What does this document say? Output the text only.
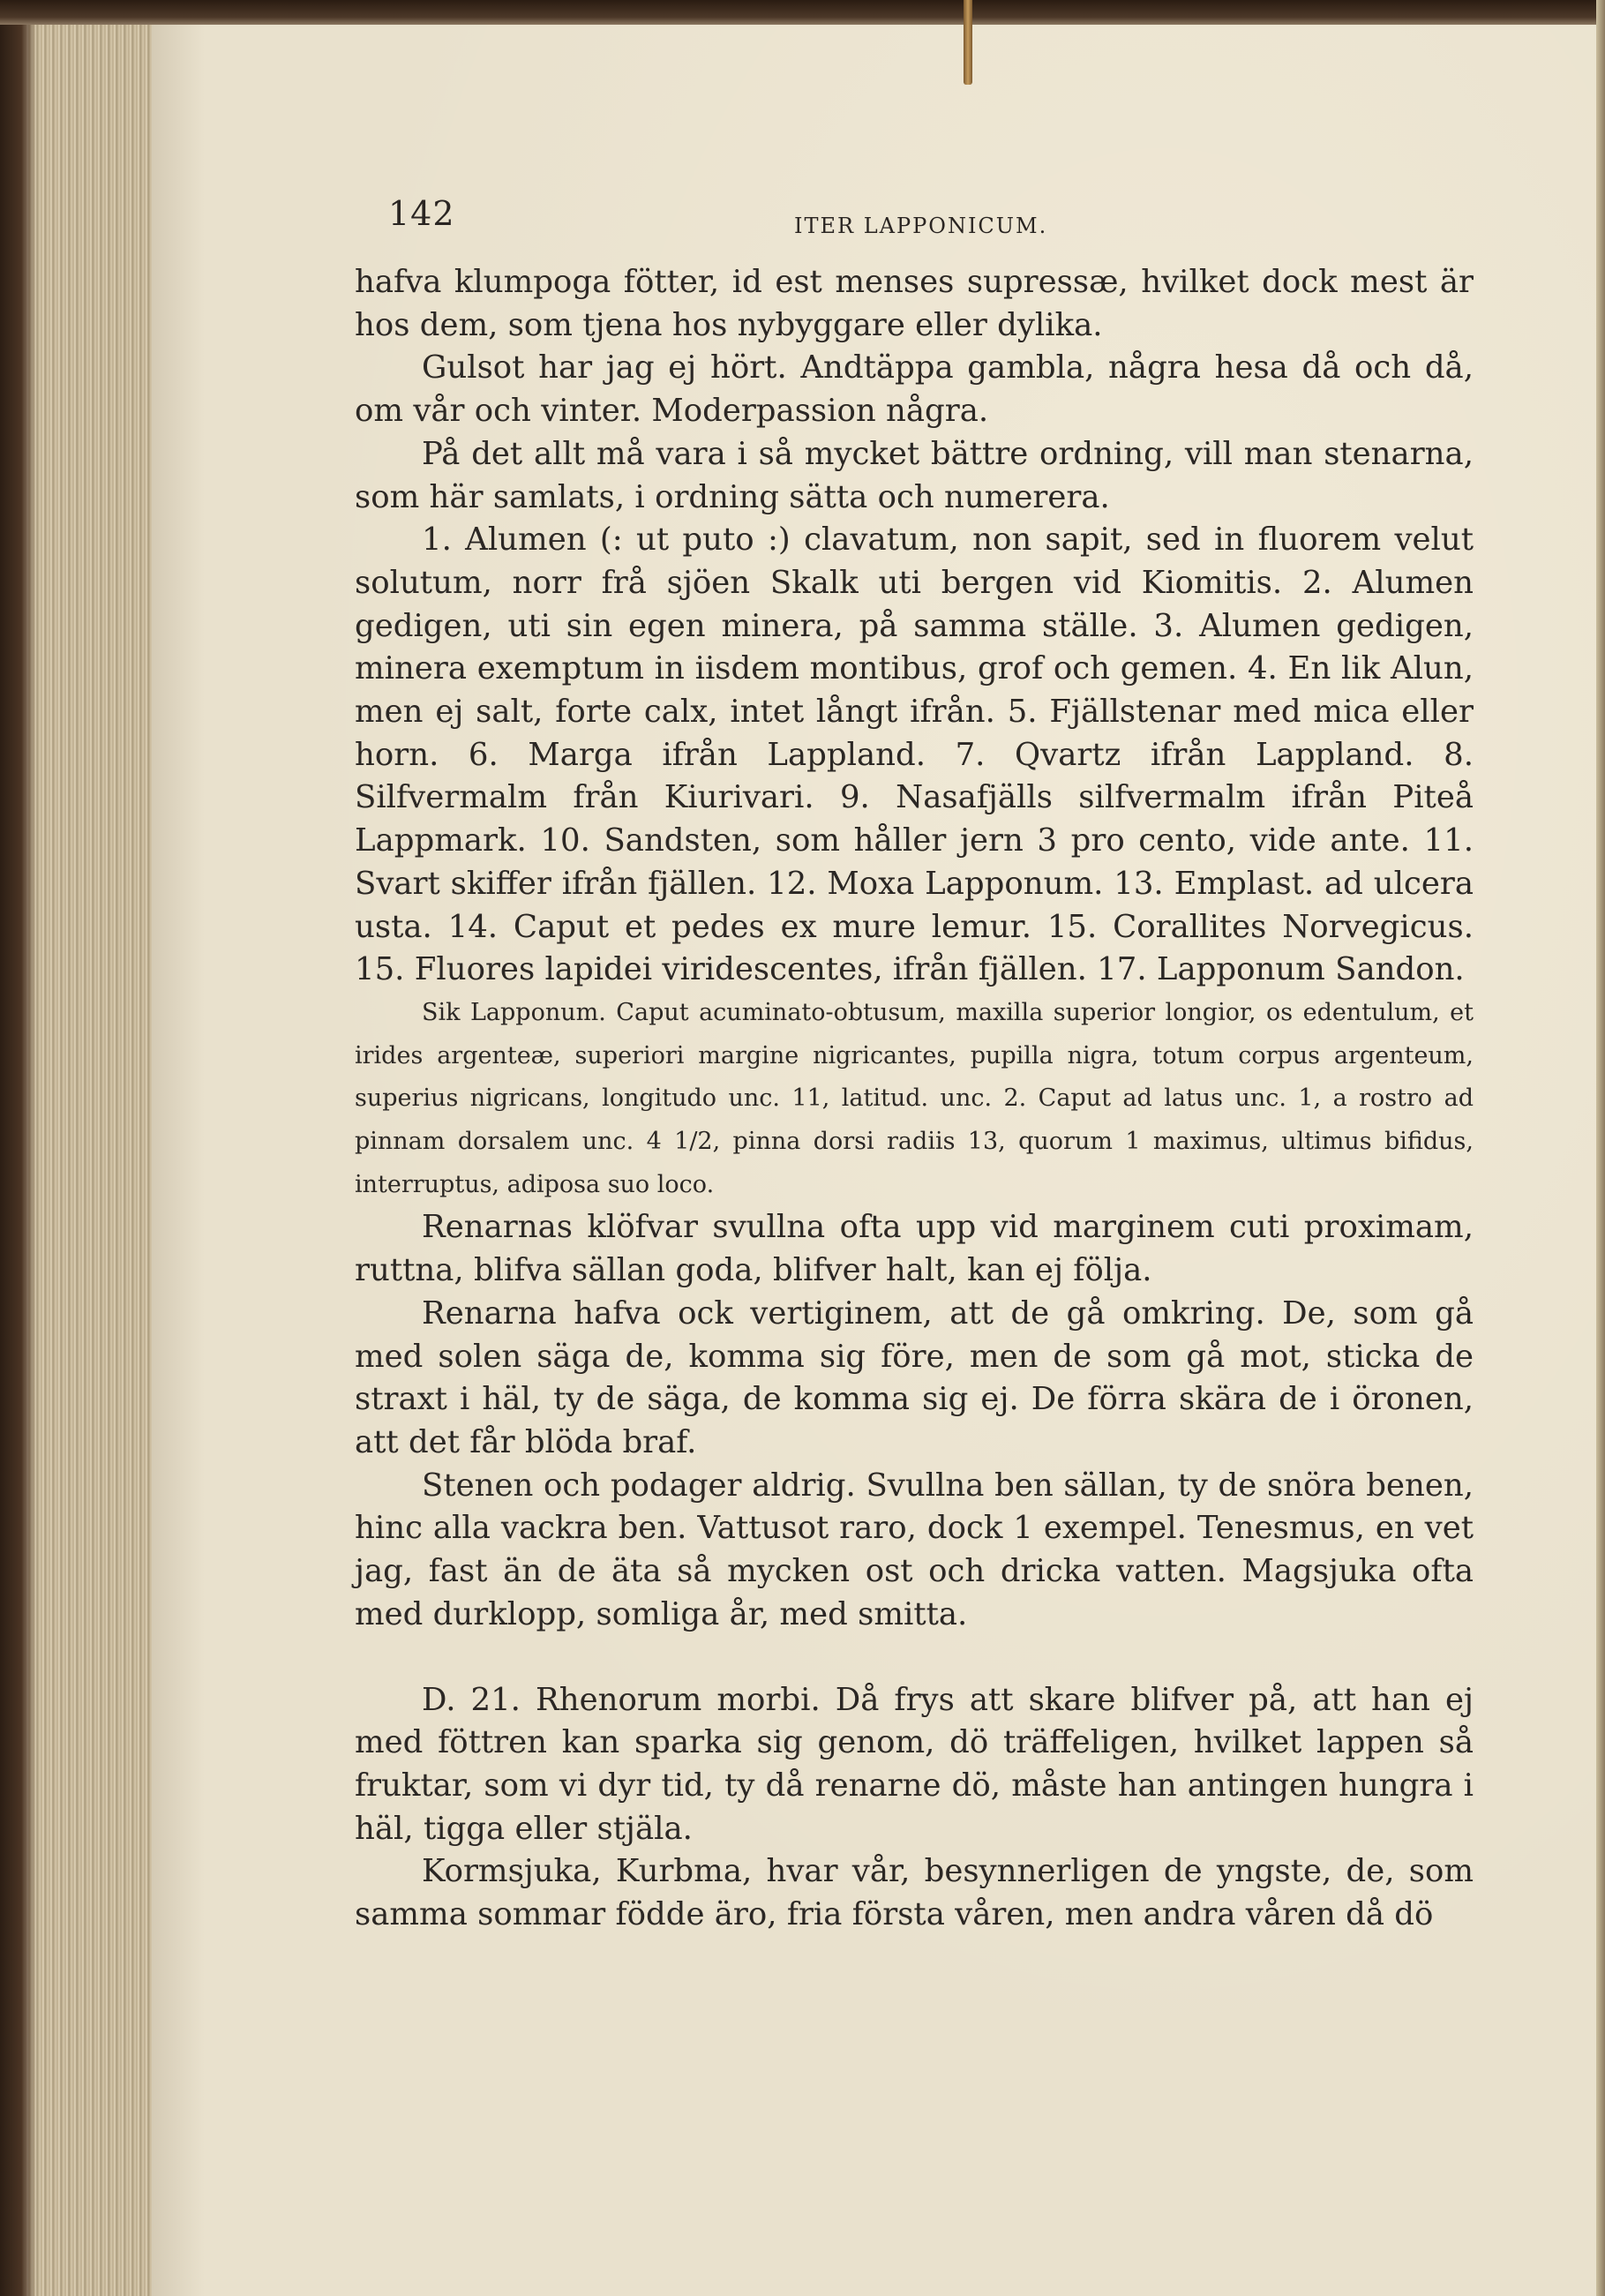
142	ITER LAPPONICUM.

hafva klumpoga fötter, id est menses supressæ, hvilket dock mest är hos dem, som tjena hos nybyggare eller dylika.

Gulsot har jag ej hört. Andtäppa gambla, några hesa då och då, om vår och vinter. Moderpassion några.

På det allt må vara i så mycket bättre ordning, vill man stenarna, som här samlats, i ordning sätta och numerera.

1. Alumen (: ut puto :) clavatum, non sapit, sed in fluorem velut solutum, norr frå sjöen Skalk uti bergen vid Kiomitis. 2. Alumen gedigen, uti sin egen minera, på samma ställe. 3. Alumen gedigen, minera exemptum in iisdem montibus, grof och gemen. 4. En lik Alun, men ej salt, forte calx, intet långt ifrån. 5. Fjällstenar med mica eller horn. 6. Marga ifrån Lappland. 7. Qvartz ifrån Lappland. 8. Silfvermalm från Kiurivari. 9. Nasafjälls silfvermalm ifrån Piteå Lappmark. 10. Sandsten, som håller jern 3 pro cento, vide ante. 11. Svart skiffer ifrån fjällen. 12. Moxa Lapponum. 13. Emplast. ad ulcera usta. 14. Caput et pedes ex mure lemur. 15. Corallites Norvegicus. 15. Fluores lapidei viridescentes, ifrån fjällen. 17. Lapponum Sandon.

Sik Lapponum. Caput acuminato-obtusum, maxilla superior longior, os edentulum, et irides argenteæ, superiori margine nigricantes, pupilla nigra, totum corpus argenteum, superius nigricans, longitudo unc. 11, latitud. unc. 2. Caput ad latus unc. 1, a rostro ad pinnam dorsalem unc. 4 1/2, pinna dorsi radiis 13, quorum 1 maximus, ultimus bifidus, interruptus, adiposa suo loco.

Renarnas klöfvar svullna ofta upp vid marginem cuti proximam, ruttna, blifva sällan goda, blifver halt, kan ej följa.

Renarna hafva ock vertiginem, att de gå omkring. De, som gå med solen säga de, komma sig före, men de som gå mot, sticka de straxt i häl, ty de säga, de komma sig ej. De förra skära de i öronen, att det får blöda braf.

Stenen och podager aldrig. Svullna ben sällan, ty de snöra benen, hinc alla vackra ben. Vattusot raro, dock 1 exempel. Tenesmus, en vet jag, fast än de äta så mycken ost och dricka vatten. Magsjuka ofta med durklopp, somliga år, med smitta.

D. 21. Rhenorum morbi. Då frys att skare blifver på, att han ej med föttren kan sparka sig genom, dö träffeligen, hvilket lappen så fruktar, som vi dyr tid, ty då renarne dö, måste han antingen hungra i häl, tigga eller stjäla.

Kormsjuka, Kurbma, hvar vår, besynnerligen de yngste, de, som samma sommar födde äro, fria första våren, men andra våren då dö
